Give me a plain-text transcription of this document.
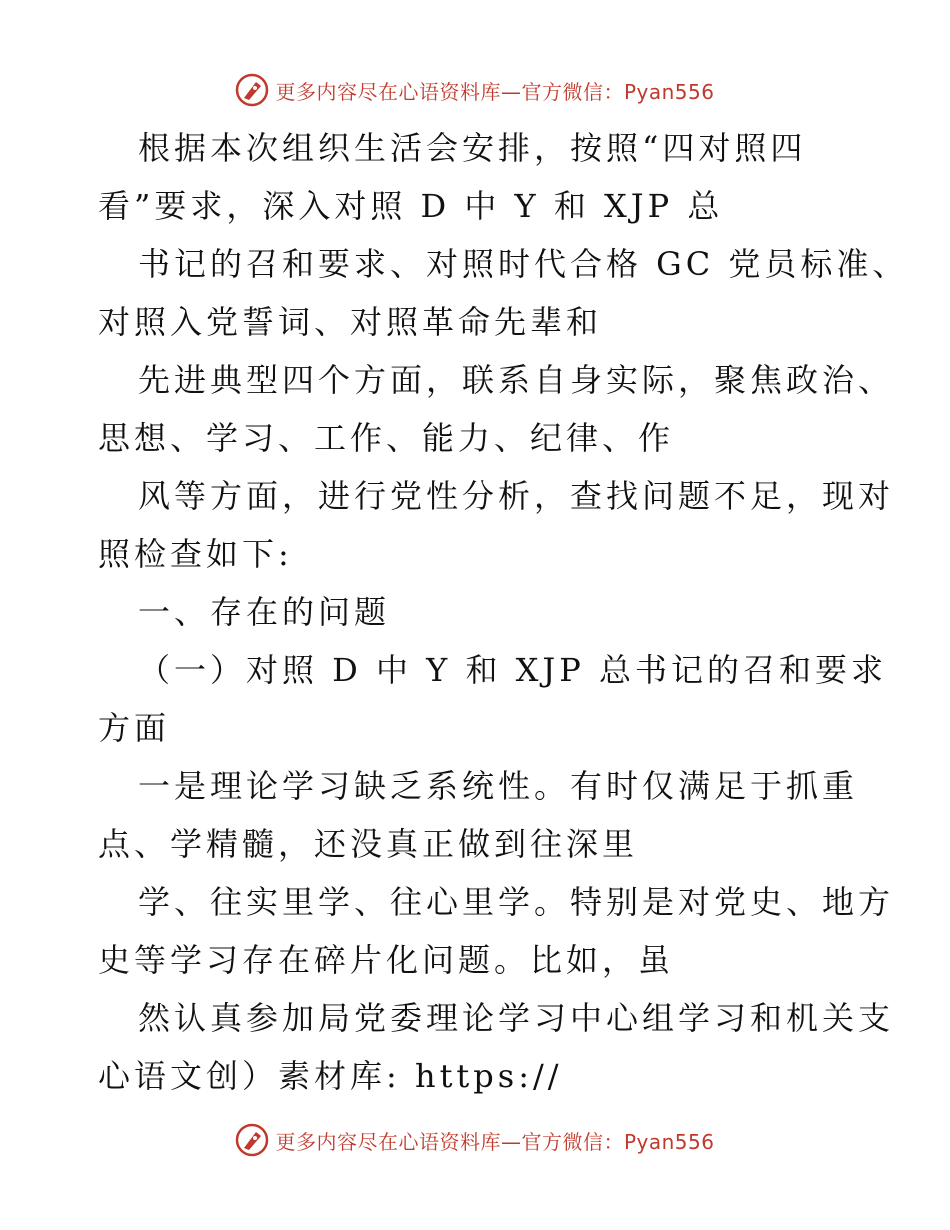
更多内容尽在心语资料库—官方微信：Pyan556
根据本次组织生活会安排，按照“四对照四
看”要求，深入对照 D 中 Y 和 XJP 总
书记的召和要求、对照时代合格 GC 党员标准、
对照入党誓词、对照革命先辈和
先进典型四个方面，联系自身实际，聚焦政治、
思想、学习、工作、能力、纪律、作
风等方面，进行党性分析，查找问题不足，现对
照检查如下:
一、存在的问题
（一）对照 D 中 Y 和 XJP 总书记的召和要求
方面
一是理论学习缺乏系统性。有时仅满足于抓重
点、学精髓，还没真正做到往深里
学、往实里学、往心里学。特别是对党史、地方
史等学习存在碎片化问题。比如，虽
然认真参加局党委理论学习中心组学习和机关支
心语文创）素材库: https://
更多内容尽在心语资料库—官方微信：Pyan556
